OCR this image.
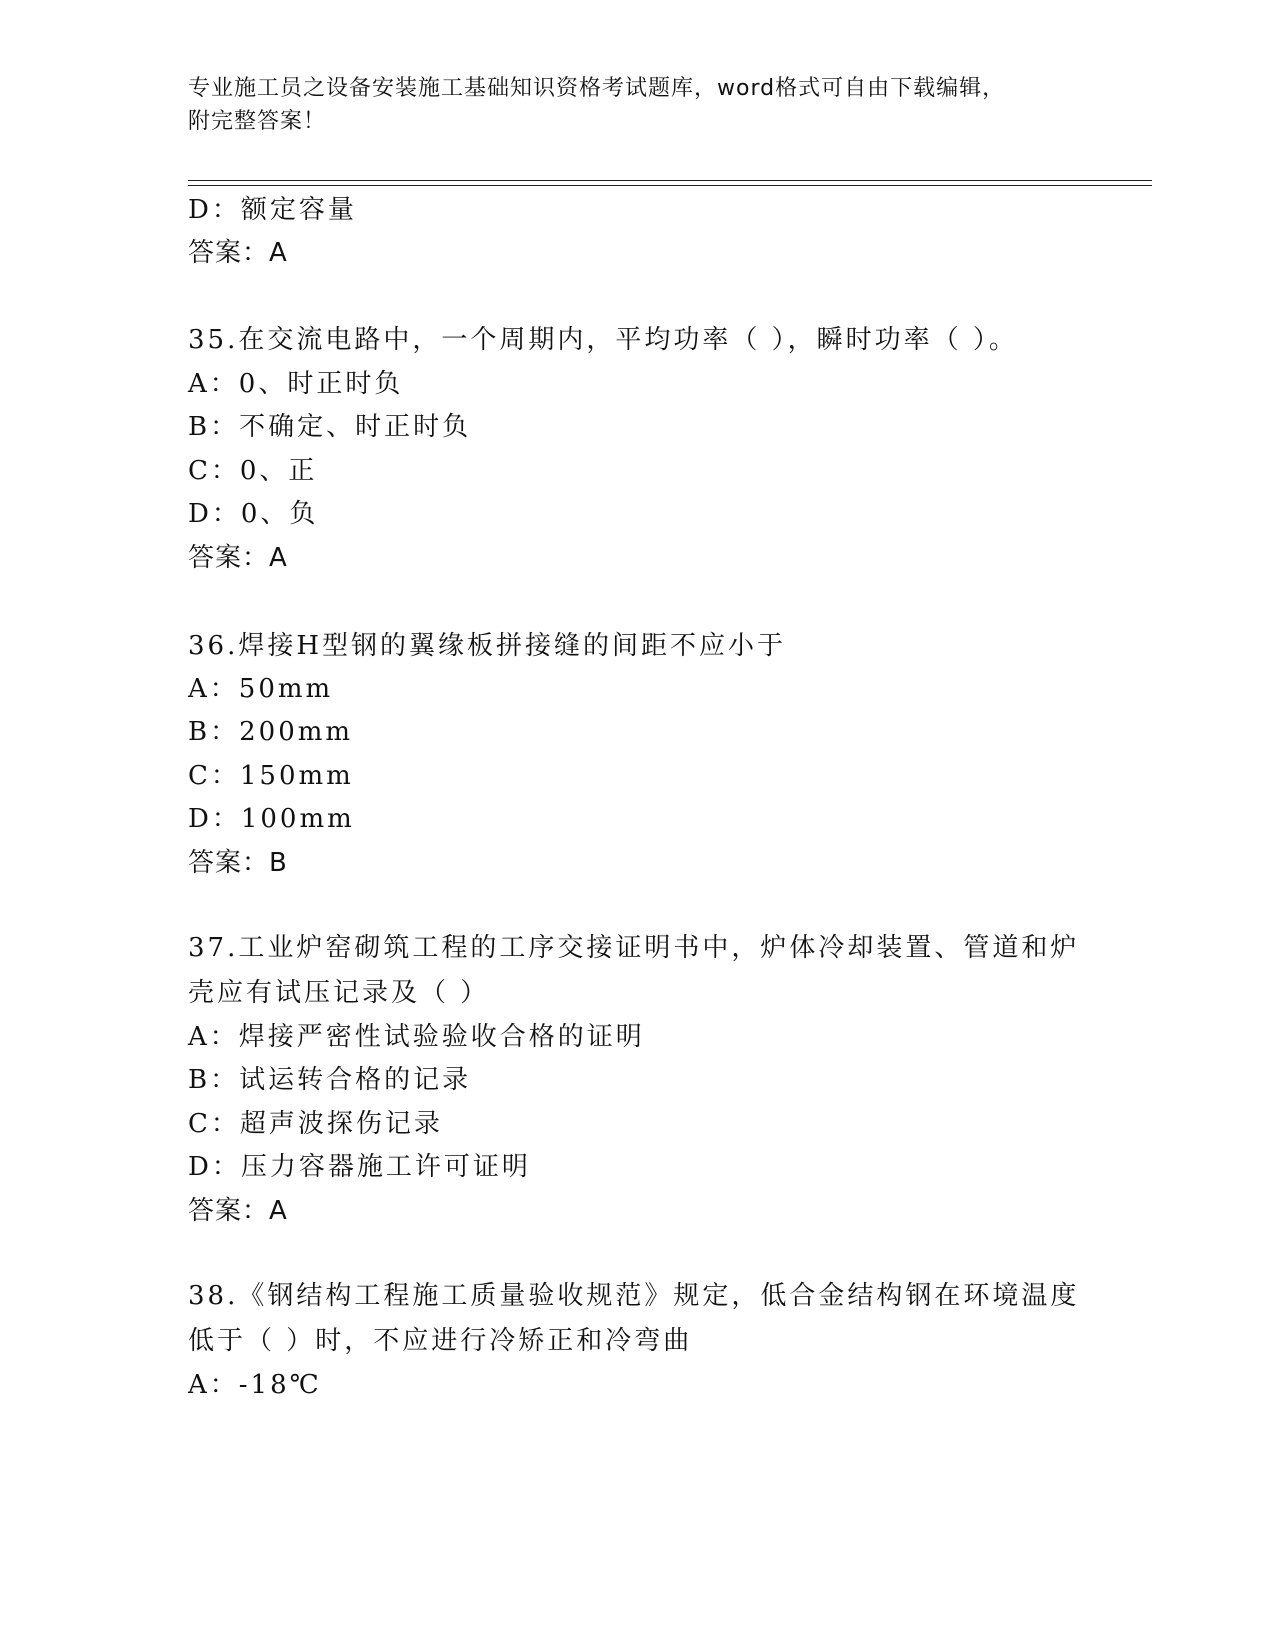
专业施工员之设备安装施工基础知识资格考试题库，word格式可自由下载编辑，
附完整答案！
D：额定容量
答案：A
35.在交流电路中，一个周期内，平均功率（ ），瞬时功率（ ）。
A：0、时正时负
B：不确定、时正时负
C：0、正
D：0、负
答案：A
36.焊接H型钢的翼缘板拼接缝的间距不应小于
A：50mm
B：200mm
C：150mm
D：100mm
答案：B
37.工业炉窑砌筑工程的工序交接证明书中，炉体冷却装置、管道和炉壳应有试压记录及（ ）
A：焊接严密性试验验收合格的证明
B：试运转合格的记录
C：超声波探伤记录
D：压力容器施工许可证明
答案：A
38.《钢结构工程施工质量验收规范》规定，低合金结构钢在环境温度低于（ ）时，不应进行冷矫正和冷弯曲
A：-18℃
